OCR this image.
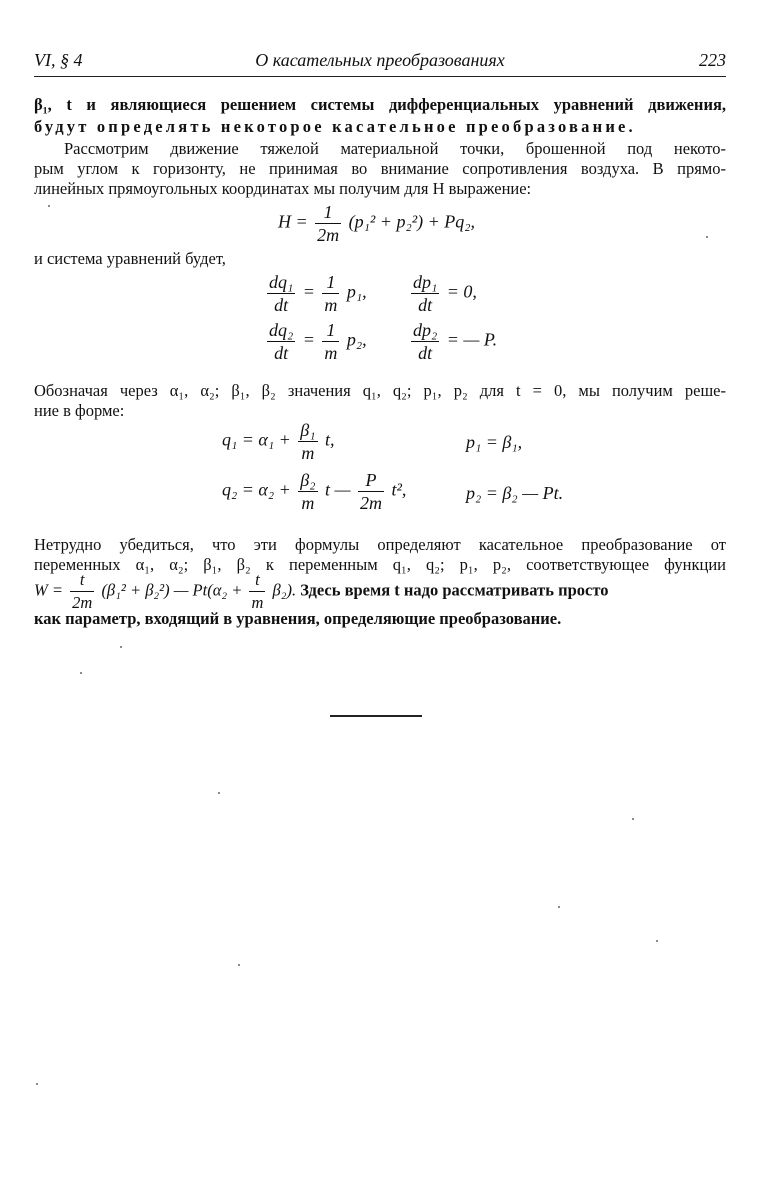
VI, § 4	О касательных преобразованиях	223
β₁, t и являющиеся решением системы дифференциальных уравнений движения,
будут определять некоторое касательное преобразование.
Рассмотрим движение тяжелой материальной точки, брошенной под некото-
рым углом к горизонту, не принимая во внимание сопротивления воздуха. В прямо-
линейных прямоугольных координатах мы получим для H выражение:
$H = \frac{1}{2m} (p_1^2 + p_2^2) + Pq_2$,
и система уравнений будет,
$\frac{\text{dq₁}}{dt} = \frac{1}{m} p_1$, $\frac{\text{dp₁}}{dt} = 0$,
$\frac{\text{dq₂}}{dt} = \frac{1}{m} p_2$, $\frac{\text{dp₂}}{dt}$ = — P.
Обозначая через α₁, α₂; β₁, β₂ значения q₁, q₂; p₁, p₂ для t = 0, мы получим реше-
ние в форме:
$q_1 = \alpha_1 + \frac{\text{β₁}}{m} t$,	p₁ = β₁,
$q_2 = \alpha_2 + \frac{\text{β₂}}{m}$ t — $\frac{P}{2m} t^2$,	p₂ = β₂ — Pt.
Нетрудно убедиться, что эти формулы определяют касательное преобразование от
переменных α₁, α₂; β₁, β₂ к переменным q₁, q₂; p₁, p₂, соответствующее функции
$W = \frac{t}{2m} (\beta_1^2 + \beta_2^2)$ — $Pt(\alpha_2 + \frac{t}{m} \beta_2)$. Здесь время t надо рассматривать просто
как параметр, входящий в уравнения, определяющие преобразование.
